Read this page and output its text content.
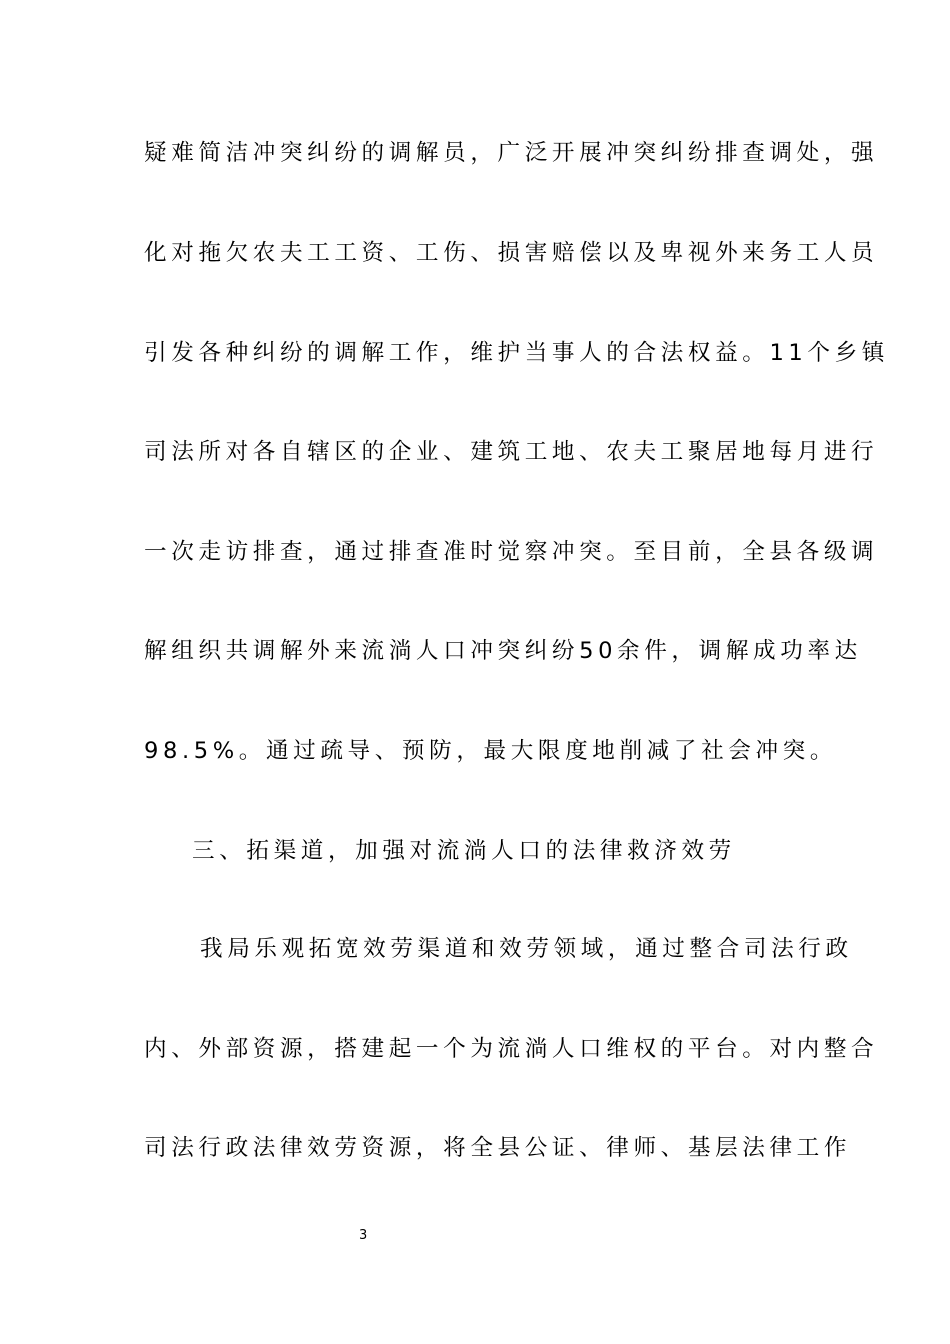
疑难简洁冲突纠纷的调解员，广泛开展冲突纠纷排查调处，强
化对拖欠农夫工工资、工伤、损害赔偿以及卑视外来务工人员
引发各种纠纷的调解工作，维护当事人的合法权益。11个乡镇
司法所对各自辖区的企业、建筑工地、农夫工聚居地每月进行
一次走访排查，通过排查准时觉察冲突。至目前，全县各级调
解组织共调解外来流淌人口冲突纠纷50余件，调解成功率达
98.5%。通过疏导、预防，最大限度地削减了社会冲突。
三、拓渠道，加强对流淌人口的法律救济效劳
我局乐观拓宽效劳渠道和效劳领域，通过整合司法行政
内、外部资源，搭建起一个为流淌人口维权的平台。对内整合
司法行政法律效劳资源，将全县公证、律师、基层法律工作
3
